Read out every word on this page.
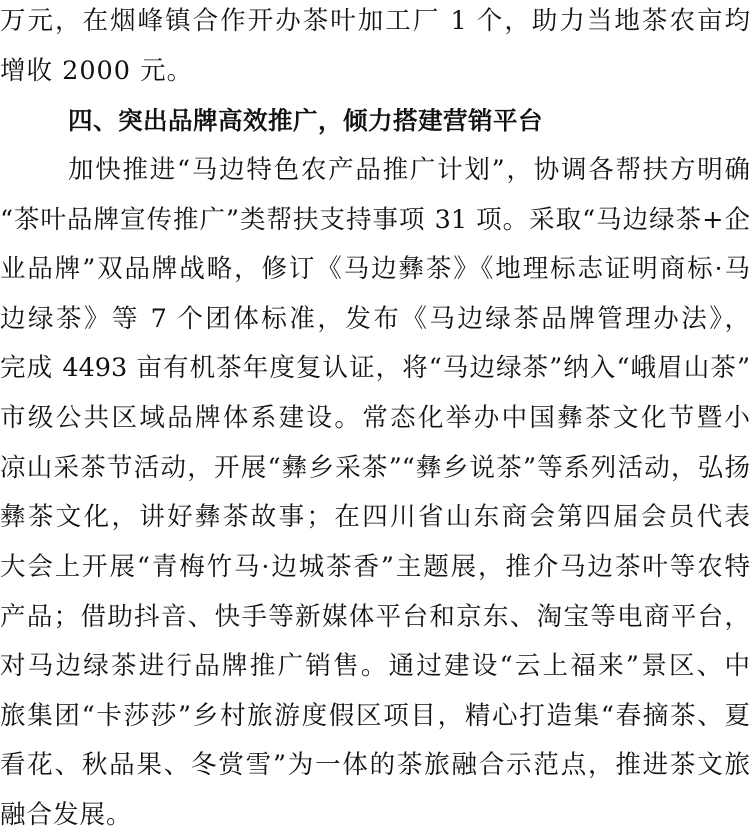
万元，在烟峰镇合作开办茶叶加工厂 1 个，助力当地茶农亩均
增收 2000 元。
四、突出品牌高效推广，倾力搭建营销平台
加快推进“马边特色农产品推广计划”，协调各帮扶方明确
“茶叶品牌宣传推广”类帮扶支持事项 31 项。采取“马边绿茶+企
业品牌”双品牌战略，修订《马边彝茶》《地理标志证明商标·马
边绿茶》等 7 个团体标准，发布《马边绿茶品牌管理办法》，
完成 4493 亩有机茶年度复认证，将“马边绿茶”纳入“峨眉山茶”
市级公共区域品牌体系建设。常态化举办中国彝茶文化节暨小
凉山采茶节活动，开展“彝乡采茶”“彝乡说茶”等系列活动，弘扬
彝茶文化，讲好彝茶故事；在四川省山东商会第四届会员代表
大会上开展“青梅竹马·边城茶香”主题展，推介马边茶叶等农特
产品；借助抖音、快手等新媒体平台和京东、淘宝等电商平台，
对马边绿茶进行品牌推广销售。通过建设“云上福来”景区、中
旅集团“卡莎莎”乡村旅游度假区项目，精心打造集“春摘茶、夏
看花、秋品果、冬赏雪”为一体的茶旅融合示范点，推进茶文旅
融合发展。
